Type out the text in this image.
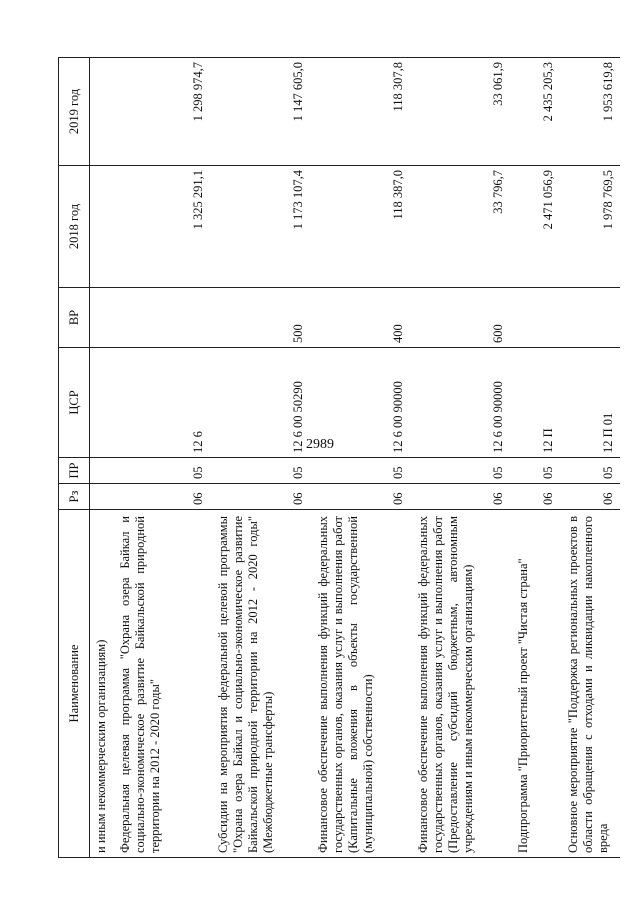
2989
Наименование	Рз	ПР	ЦСР	ВР	2018 год	2019 год
и иным некоммерческим организациям)						
Федеральная целевая программа "Охрана озера Байкал и социально-экономическое развитие Байкальской природной территории на 2012 - 2020 годы"	06	05	12 6		1 325 291,1	1 298 974,7
Субсидии на мероприятия федеральной целевой программы "Охрана озера Байкал и социально-экономическое развитие Байкальской природной территории на 2012 - 2020 годы" (Межбюджетные трансферты)	06	05	12 6 00 50290	500	1 173 107,4	1 147 605,0
Финансовое обеспечение выполнения функций федеральных государственных органов, оказания услуг и выполнения работ (Капитальные вложения в объекты государственной (муниципальной) собственности)	06	05	12 6 00 90000	400	118 387,0	118 307,8
Финансовое обеспечение выполнения функций федеральных государственных органов, оказания услуг и выполнения работ (Предоставление субсидий бюджетным, автономным учреждениям и иным некоммерческим организациям)	06	05	12 6 00 90000	600	33 796,7	33 061,9
Подпрограмма "Приоритетный проект "Чистая страна"	06	05	12 П		2 471 056,9	2 435 205,3
Основное мероприятие "Поддержка региональных проектов в области обращения с отходами и ликвидации накопленного вреда	06	05	12 П 01		1 978 769,5	1 953 619,8
